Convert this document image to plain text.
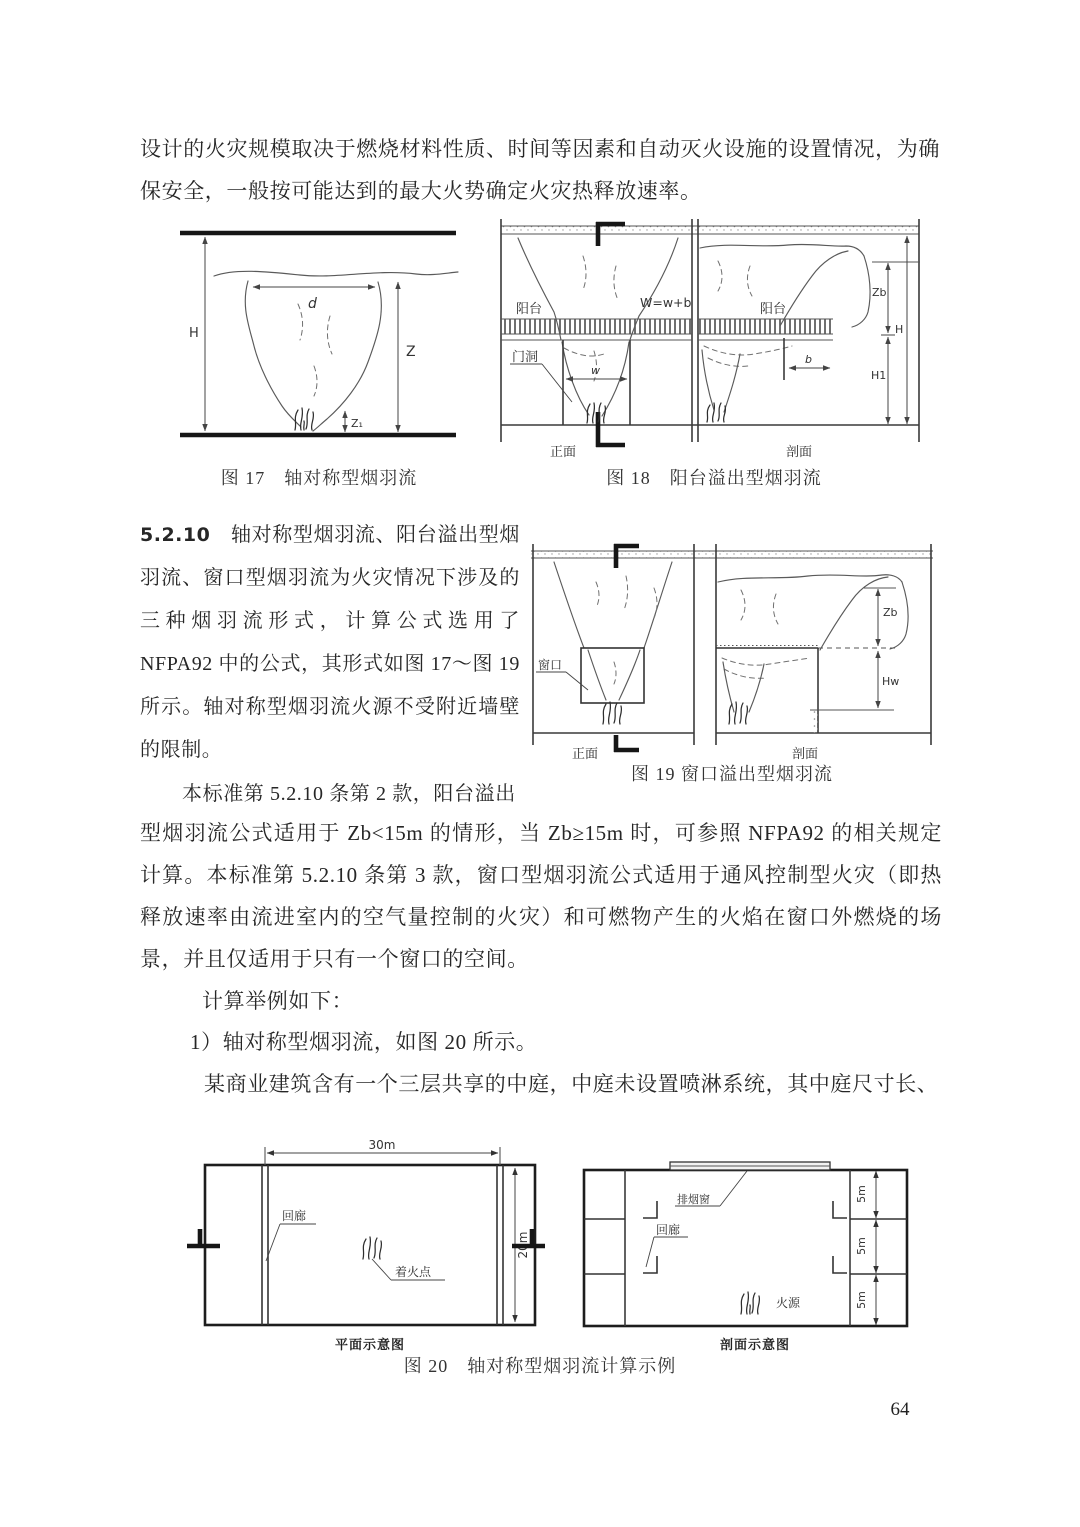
设计的火灾规模取决于燃烧材料性质、时间等因素和自动灭火设施的设置情况，为确保安全，一般按可能达到的最大火势确定火灾热释放速率。
H
d
Z
Z₁
图 17　轴对称型烟羽流
w
阳台	W=w+b
门洞
正面
b
阳台
Zb
H1
H
剖面
图 18　阳台溢出型烟羽流
5.2.10  轴对称型烟羽流、阳台溢出型烟羽流、窗口型烟羽流为火灾情况下涉及的三种烟羽流形式，计算公式选用了 NFPA92 中的公式，其形式如图 17～图 19 所示。轴对称型烟羽流火源不受附近墙壁的限制。
本标准第 5.2.10 条第 2 款，阳台溢出
窗口
正面
Zb
Hw
剖面
图 19 窗口溢出型烟羽流
型烟羽流公式适用于 Zb<15m 的情形，当 Zb≥15m 时，可参照 NFPA92 的相关规定计算。本标准第 5.2.10 条第 3 款，窗口型烟羽流公式适用于通风控制型火灾（即热释放速率由流进室内的空气量控制的火灾）和可燃物产生的火焰在窗口外燃烧的场景，并且仅适用于只有一个窗口的空间。
计算举例如下：
1）轴对称型烟羽流，如图 20 所示。
某商业建筑含有一个三层共享的中庭，中庭未设置喷淋系统，其中庭尺寸长、
30m
20m
回廊
着火点
平面示意图
排烟窗
回廊
5m
5m
5m
火源
剖面示意图
图 20　轴对称型烟羽流计算示例
64
